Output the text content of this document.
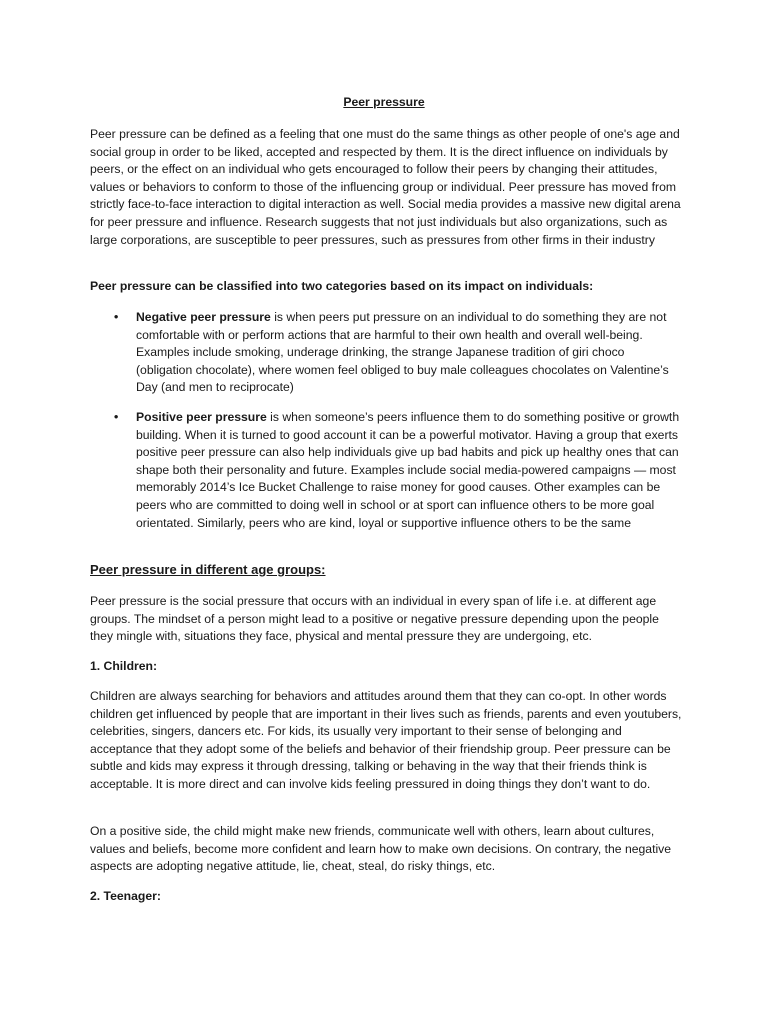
Peer pressure

Peer pressure can be defined as a feeling that one must do the same things as other people of one's age and social group in order to be liked, accepted and respected by them. It is the direct influence on individuals by peers, or the effect on an individual who gets encouraged to follow their peers by changing their attitudes, values or behaviors to conform to those of the influencing group or individual. Peer pressure has moved from strictly face-to-face interaction to digital interaction as well. Social media provides a massive new digital arena for peer pressure and influence. Research suggests that not just individuals but also organizations, such as large corporations, are susceptible to peer pressures, such as pressures from other firms in their industry

Peer pressure can be classified into two categories based on its impact on individuals:

• Negative peer pressure is when peers put pressure on an individual to do something they are not comfortable with or perform actions that are harmful to their own health and overall well-being. Examples include smoking, underage drinking, the strange Japanese tradition of giri choco (obligation chocolate), where women feel obliged to buy male colleagues chocolates on Valentine’s Day (and men to reciprocate)
• Positive peer pressure is when someone’s peers influence them to do something positive or growth building. When it is turned to good account it can be a powerful motivator. Having a group that exerts positive peer pressure can also help individuals give up bad habits and pick up healthy ones that can shape both their personality and future. Examples include social media-powered campaigns — most memorably 2014’s Ice Bucket Challenge to raise money for good causes. Other examples can be peers who are committed to doing well in school or at sport can influence others to be more goal orientated. Similarly, peers who are kind, loyal or supportive influence others to be the same

Peer pressure in different age groups:

Peer pressure is the social pressure that occurs with an individual in every span of life i.e. at different age groups. The mindset of a person might lead to a positive or negative pressure depending upon the people they mingle with, situations they face, physical and mental pressure they are undergoing, etc.

1. Children:

Children are always searching for behaviors and attitudes around them that they can co-opt. In other words children get influenced by people that are important in their lives such as friends, parents and even youtubers, celebrities, singers, dancers etc. For kids, its usually very important to their sense of belonging and acceptance that they adopt some of the beliefs and behavior of their friendship group. Peer pressure can be subtle and kids may express it through dressing, talking or behaving in the way that their friends think is acceptable. It is more direct and can involve kids feeling pressured in doing things they don’t want to do.

On a positive side, the child might make new friends, communicate well with others, learn about cultures, values and beliefs, become more confident and learn how to make own decisions. On contrary, the negative aspects are adopting negative attitude, lie, cheat, steal, do risky things, etc.

2. Teenager:
